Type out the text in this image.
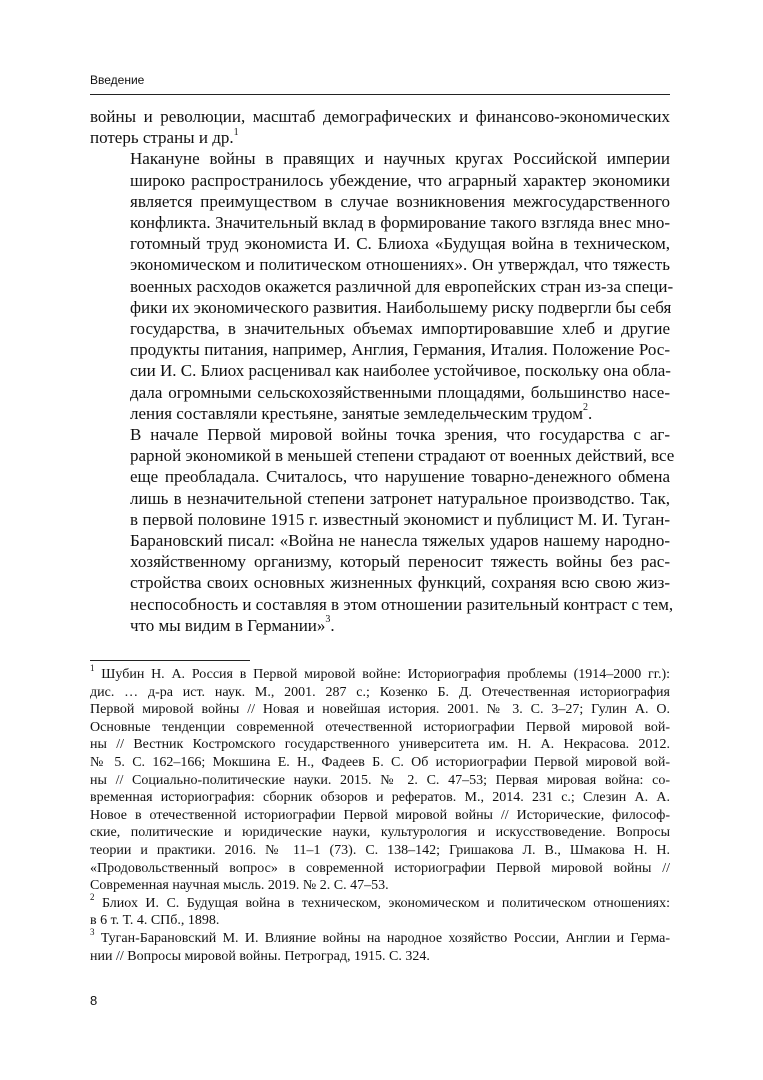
Введение

войны и революции, масштаб демографических и финансово-экономических
потерь страны и др.$^1$

Накануне войны в правящих и научных кругах Российской империи
широко распространилось убеждение, что аграрный характер экономики
является преимуществом в случае возникновения межгосударственного
конфликта. Значительный вклад в формирование такого взгляда внес мно-
готомный труд экономиста И. С. Блиоха «Будущая война в техническом,
экономическом и политическом отношениях». Он утверждал, что тяжесть
военных расходов окажется различной для европейских стран из-за специ-
фики их экономического развития. Наибольшему риску подвергли бы себя
государства, в значительных объемах импортировавшие хлеб и другие
продукты питания, например, Англия, Германия, Италия. Положение Рос-
сии И. С. Блиох расценивал как наиболее устойчивое, поскольку она обла-
дала огромными сельскохозяйственными площадями, большинство насе-
ления составляли крестьяне, занятые земледельческим трудом$^2$.

В начале Первой мировой войны точка зрения, что государства с аг-
рарной экономикой в меньшей степени страдают от военных действий, все
еще преобладала. Считалось, что нарушение товарно-денежного обмена
лишь в незначительной степени затронет натуральное производство. Так,
в первой половине 1915 г. известный экономист и публицист М. И. Туган-
Барановский писал: «Война не нанесла тяжелых ударов нашему народно-
хозяйственному организму, который переносит тяжесть войны без рас-
стройства своих основных жизненных функций, сохраняя всю свою жиз-
неспособность и составляя в этом отношении разительный контраст с тем,
что мы видим в Германии»$^3$.

$^1$ Шубин Н. А. Россия в Первой мировой войне: Историография проблемы (1914–2000 гг.):
дис. … д-ра ист. наук. М., 2001. 287 с.; Козенко Б. Д. Отечественная историография
Первой мировой войны // Новая и новейшая история. 2001. № 3. С. 3–27; Гулин А. О.
Основные тенденции современной отечественной историографии Первой мировой вой-
ны // Вестник Костромского государственного университета им. Н. А. Некрасова. 2012.
№ 5. С. 162–166; Мокшина Е. Н., Фадеев Б. С. Об историографии Первой мировой вой-
ны // Социально-политические науки. 2015. № 2. С. 47–53; Первая мировая война: со-
временная историография: сборник обзоров и рефератов. М., 2014. 231 с.; Слезин А. А.
Новое в отечественной историографии Первой мировой войны // Исторические, философ-
ские, политические и юридические науки, культурология и искусствоведение. Вопросы
теории и практики. 2016. № 11–1 (73). С. 138–142; Гришакова Л. В., Шмакова Н. Н.
«Продовольственный вопрос» в современной историографии Первой мировой войны //
Современная научная мысль. 2019. № 2. С. 47–53.
$^2$ Блиох И. С. Будущая война в техническом, экономическом и политическом отношениях:
в 6 т. Т. 4. СПб., 1898.
$^3$ Туган-Барановский М. И. Влияние войны на народное хозяйство России, Англии и Герма-
нии // Вопросы мировой войны. Петроград, 1915. С. 324.
8
